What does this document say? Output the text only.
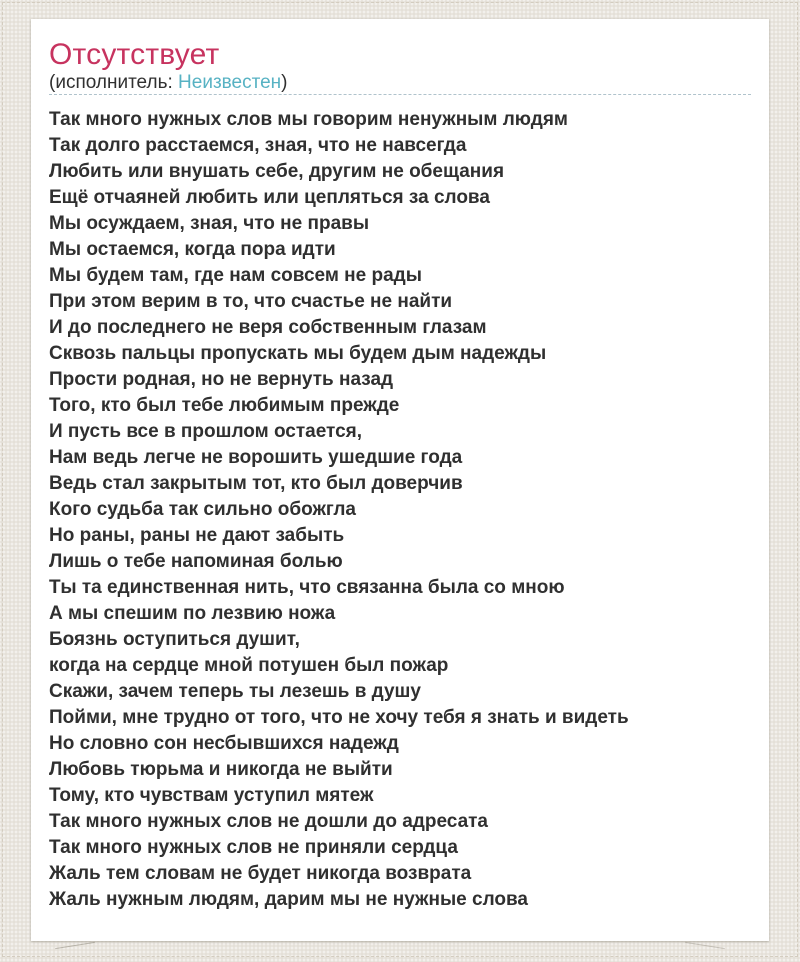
Отсутствует
(исполнитель: Неизвестен)
Так много нужных слов мы говорим ненужным людям
Так долго расстаемся, зная, что не навсегда
Любить или внушать себе, другим не обещания
Ещё отчаяней любить или цепляться за слова
Мы осуждаем, зная, что не правы
Мы остаемся, когда пора идти
Мы будем там, где нам совсем не рады
При этом верим в то, что счастье не найти
И до последнего не веря собственным глазам
Сквозь пальцы пропускать мы будем дым надежды
Прости родная, но не вернуть назад
Того, кто был тебе любимым прежде
И пусть все в прошлом остается,
Нам ведь легче не ворошить ушедшие года
Ведь стал закрытым тот, кто был доверчив
Кого судьба так сильно обожгла
Но раны, раны не дают забыть
Лишь о тебе напоминая болью
Ты та единственная нить, что связанна была со мною
А мы спешим по лезвию ножа
Боязнь оступиться душит,
когда на сердце мной потушен был пожар
Скажи, зачем теперь ты лезешь в душу
Пойми, мне трудно от того, что не хочу тебя я знать и видеть
Но словно сон несбывшихся надежд
Любовь тюрьма и никогда не выйти
Тому, кто чувствам уступил мятеж
Так много нужных слов не дошли до адресата
Так много нужных слов не приняли сердца
Жаль тем словам не будет никогда возврата
Жаль нужным людям, дарим мы не нужные слова
